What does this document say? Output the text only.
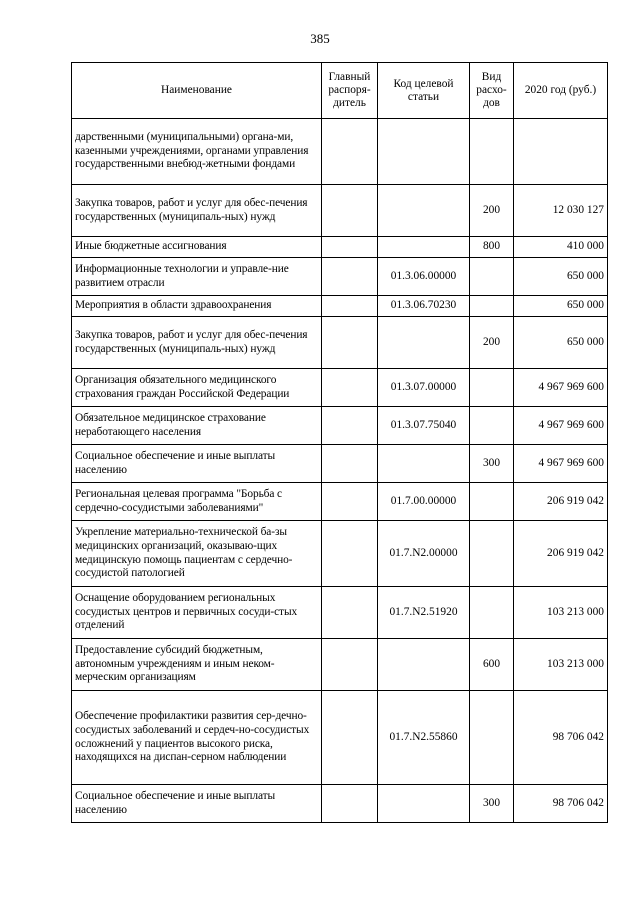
385
Наименование	Главный распоря-дитель	Код целевой статьи	Вид расхо-дов	2020 год (руб.)
дарственными (муниципальными) органа-ми, казенными учреждениями, органами управления государственными внебюд-жетными фондами				
Закупка товаров, работ и услуг для обес-печения государственных (муниципаль-ных) нужд			200	12 030 127
Иные бюджетные ассигнования			800	410 000
Информационные технологии и управле-ние развитием отрасли		01.3.06.00000		650 000
Мероприятия в области здравоохранения		01.3.06.70230		650 000
Закупка товаров, работ и услуг для обес-печения государственных (муниципаль-ных) нужд			200	650 000
Организация обязательного медицинского страхования граждан Российской Федерации		01.3.07.00000		4 967 969 600
Обязательное медицинское страхование неработающего населения		01.3.07.75040		4 967 969 600
Социальное обеспечение и иные выплаты населению			300	4 967 969 600
Региональная целевая программа "Борьба с сердечно-сосудистыми заболеваниями"		01.7.00.00000		206 919 042
Укрепление материально-технической ба-зы медицинских организаций, оказываю-щих медицинскую помощь пациентам с сердечно-сосудистой патологией		01.7.N2.00000		206 919 042
Оснащение оборудованием региональных сосудистых центров и первичных сосуди-стых отделений		01.7.N2.51920		103 213 000
Предоставление субсидий бюджетным, автономным учреждениям и иным неком-мерческим организациям			600	103 213 000
Обеспечение профилактики развития сер-дечно-сосудистых заболеваний и сердеч-но-сосудистых осложнений у пациентов высокого риска, находящихся на диспан-серном наблюдении		01.7.N2.55860		98 706 042
Социальное обеспечение и иные выплаты населению			300	98 706 042
